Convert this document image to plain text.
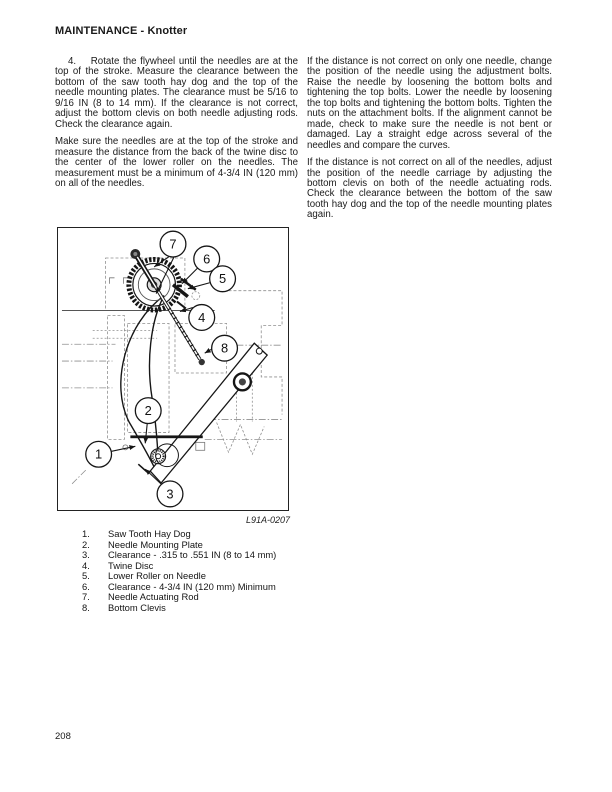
MAINTENANCE - Knotter

4.    Rotate the flywheel until the needles are at the top of the stroke. Measure the clearance between the bottom of the saw tooth hay dog and the top of the needle mounting plates. The clearance must be 5/16 to 9/16 IN (8 to 14 mm). If the clearance is not correct, adjust the bottom clevis on both needle adjusting rods. Check the clearance again.

Make sure the needles are at the top of the stroke and measure the distance from the back of the twine disc to the center of the lower roller on the needles. The measurement must be a minimum of 4-3/4 IN (120 mm) on all of the needles.

If the distance is not correct on only one needle, change the position of the needle using the adjustment bolts. Raise the needle by loosening the bottom bolts and tightening the top bolts. Lower the needle by loosening the top bolts and tightening the bottom bolts. Tighten the nuts on the attachment bolts. If the alignment cannot be made, check to make sure the needle is not bent or damaged. Lay a straight edge across several of the needles and compare the curves.

If the distance is not correct on all of the needles, adjust the position of the needle carriage by adjusting the bottom clevis on both of the needle actuating rods. Check the clearance between the bottom of the saw tooth hay dog and the top of the needle mounting plates again.

7
6
5
4
8
2
1
3
L91A-0207
1.	Saw Tooth Hay Dog
2.	Needle Mounting Plate
3.	Clearance - .315 to .551 IN (8 to 14 mm)
4.	Twine Disc
5.	Lower Roller on Needle
6.	Clearance - 4-3/4 IN (120 mm) Minimum
7.	Needle Actuating Rod
8.	Bottom Clevis
208
